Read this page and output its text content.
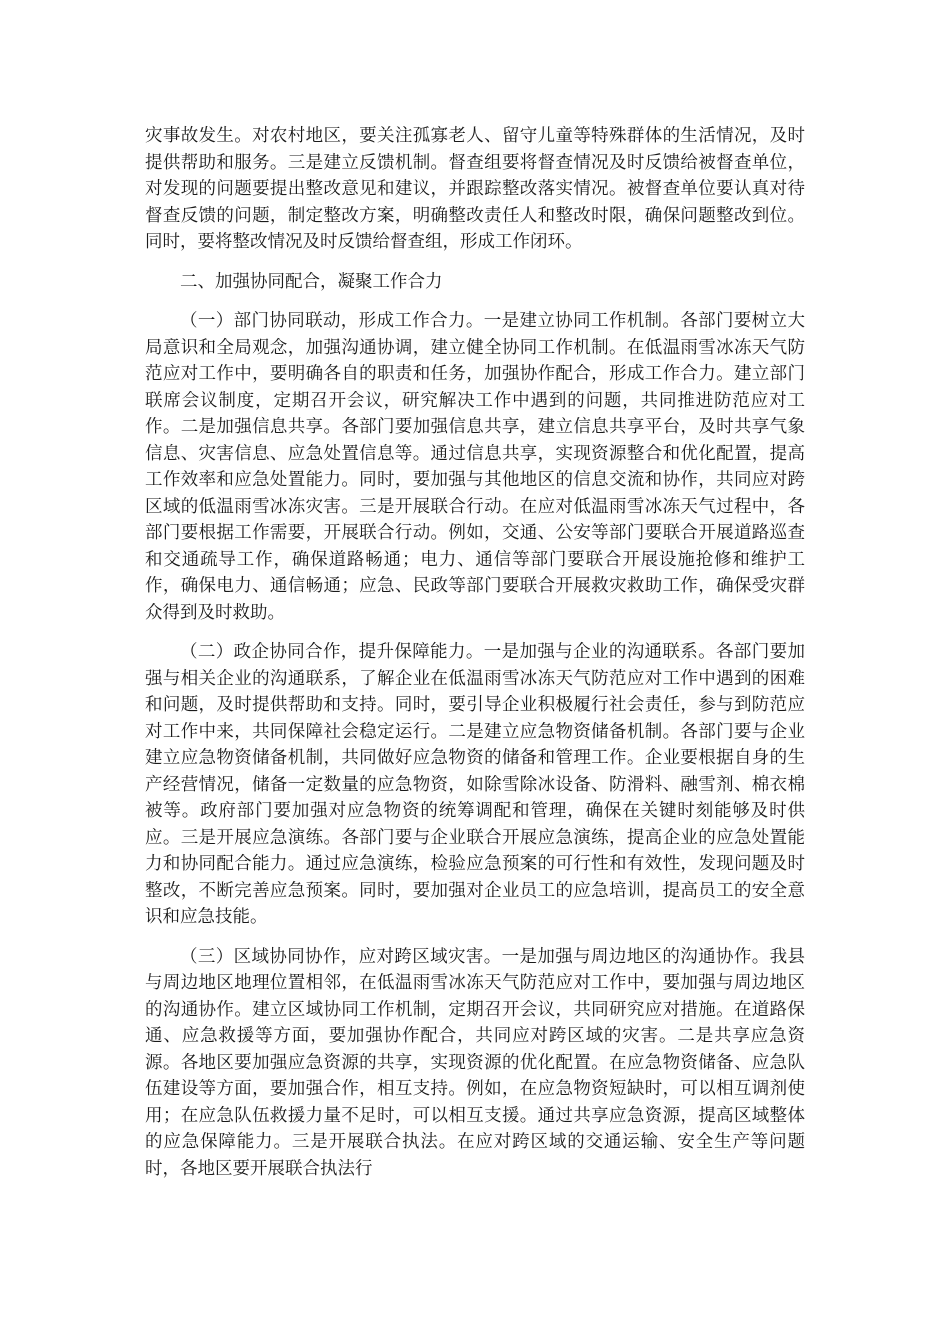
灾事故发生。对农村地区，要关注孤寡老人、留守儿童等特殊群体的生活情况，及时提供帮助和服务。三是建立反馈机制。督查组要将督查情况及时反馈给被督查单位，对发现的问题要提出整改意见和建议，并跟踪整改落实情况。被督查单位要认真对待督查反馈的问题，制定整改方案，明确整改责任人和整改时限，确保问题整改到位。同时，要将整改情况及时反馈给督查组，形成工作闭环。

二、加强协同配合，凝聚工作合力

（一）部门协同联动，形成工作合力。一是建立协同工作机制。各部门要树立大局意识和全局观念，加强沟通协调，建立健全协同工作机制。在低温雨雪冰冻天气防范应对工作中，要明确各自的职责和任务，加强协作配合，形成工作合力。建立部门联席会议制度，定期召开会议，研究解决工作中遇到的问题，共同推进防范应对工作。二是加强信息共享。各部门要加强信息共享，建立信息共享平台，及时共享气象信息、灾害信息、应急处置信息等。通过信息共享，实现资源整合和优化配置，提高工作效率和应急处置能力。同时，要加强与其他地区的信息交流和协作，共同应对跨区域的低温雨雪冰冻灾害。三是开展联合行动。在应对低温雨雪冰冻天气过程中，各部门要根据工作需要，开展联合行动。例如，交通、公安等部门要联合开展道路巡查和交通疏导工作，确保道路畅通；电力、通信等部门要联合开展设施抢修和维护工作，确保电力、通信畅通；应急、民政等部门要联合开展救灾救助工作，确保受灾群众得到及时救助。

（二）政企协同合作，提升保障能力。一是加强与企业的沟通联系。各部门要加强与相关企业的沟通联系，了解企业在低温雨雪冰冻天气防范应对工作中遇到的困难和问题，及时提供帮助和支持。同时，要引导企业积极履行社会责任，参与到防范应对工作中来，共同保障社会稳定运行。二是建立应急物资储备机制。各部门要与企业建立应急物资储备机制，共同做好应急物资的储备和管理工作。企业要根据自身的生产经营情况，储备一定数量的应急物资，如除雪除冰设备、防滑料、融雪剂、棉衣棉被等。政府部门要加强对应急物资的统筹调配和管理，确保在关键时刻能够及时供应。三是开展应急演练。各部门要与企业联合开展应急演练，提高企业的应急处置能力和协同配合能力。通过应急演练，检验应急预案的可行性和有效性，发现问题及时整改，不断完善应急预案。同时，要加强对企业员工的应急培训，提高员工的安全意识和应急技能。

（三）区域协同协作，应对跨区域灾害。一是加强与周边地区的沟通协作。我县与周边地区地理位置相邻，在低温雨雪冰冻天气防范应对工作中，要加强与周边地区的沟通协作。建立区域协同工作机制，定期召开会议，共同研究应对措施。在道路保通、应急救援等方面，要加强协作配合，共同应对跨区域的灾害。二是共享应急资源。各地区要加强应急资源的共享，实现资源的优化配置。在应急物资储备、应急队伍建设等方面，要加强合作，相互支持。例如，在应急物资短缺时，可以相互调剂使用；在应急队伍救援力量不足时，可以相互支援。通过共享应急资源，提高区域整体的应急保障能力。三是开展联合执法。在应对跨区域的交通运输、安全生产等问题时，各地区要开展联合执法行
